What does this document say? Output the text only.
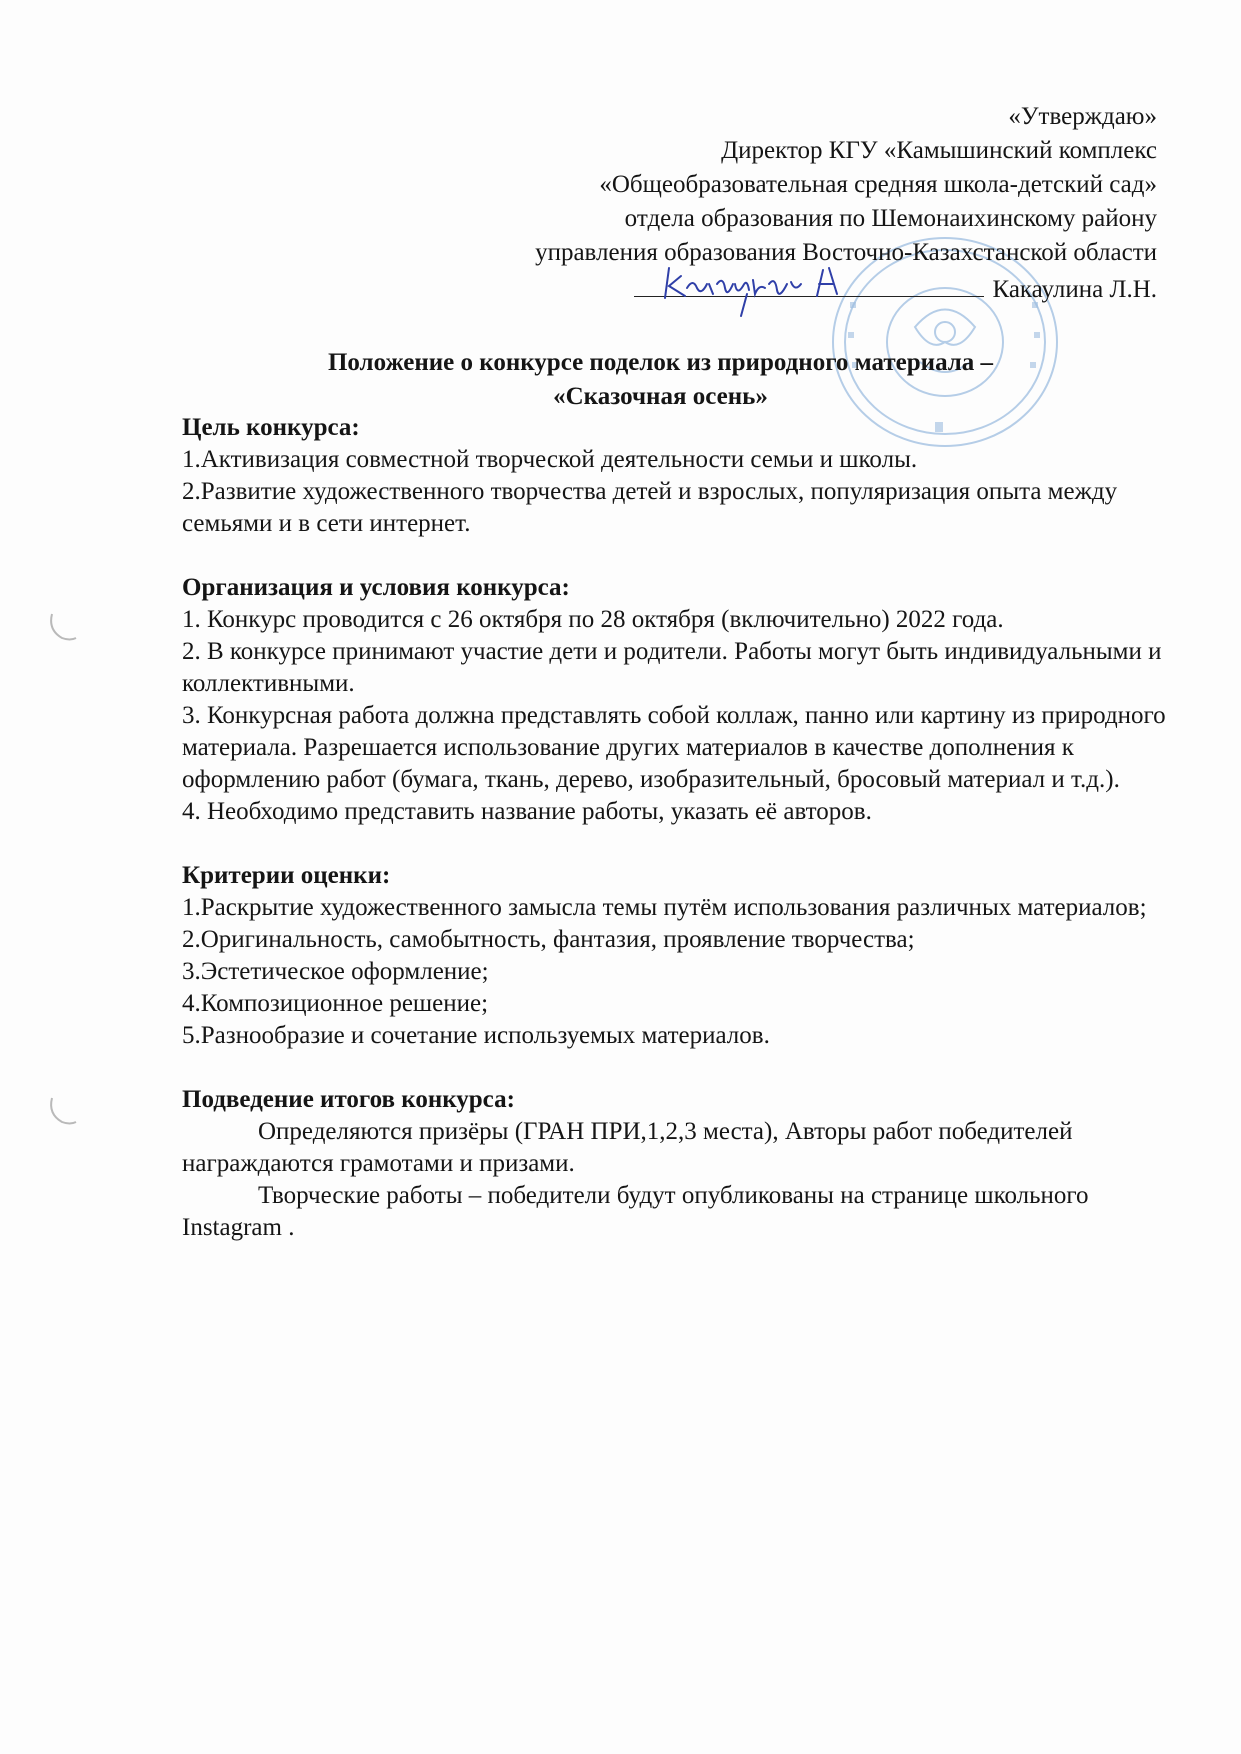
«Утверждаю»
Директор КГУ «Камышинский комплекс
«Общеобразовательная средняя школа-детский сад»
отдела образования по Шемонаихинскому району
управления образования Восточно-Казахстанской области
Какаулина Л.Н.
Положение о конкурсе поделок из природного материала –
«Сказочная осень»

Цель конкурса:

1.Активизация совместной творческой деятельности семьи и школы.

2.Развитие художественного творчества детей и взрослых, популяризация опыта между семьями и в сети интернет.

Организация и условия конкурса:

1. Конкурс проводится с 26 октября по 28 октября (включительно) 2022 года.

2. В конкурсе принимают участие дети и родители. Работы могут быть индивидуальными и коллективными.

3. Конкурсная работа должна представлять собой коллаж, панно или картину из природного материала. Разрешается использование других материалов в качестве дополнения к оформлению работ (бумага, ткань, дерево, изобразительный, бросовый материал и т.д.).

4. Необходимо представить название работы, указать её авторов.

Критерии оценки:

1.Раскрытие художественного замысла темы путём использования различных материалов;

2.Оригинальность, самобытность, фантазия, проявление творчества;

3.Эстетическое оформление;

4.Композиционное решение;

5.Разнообразие и сочетание используемых материалов.

Подведение итогов конкурса:

Определяются призёры (ГРАН ПРИ,1,2,3 места), Авторы работ победителей награждаются грамотами и призами.

Творческие работы – победители будут опубликованы на странице школьного Instagram .
